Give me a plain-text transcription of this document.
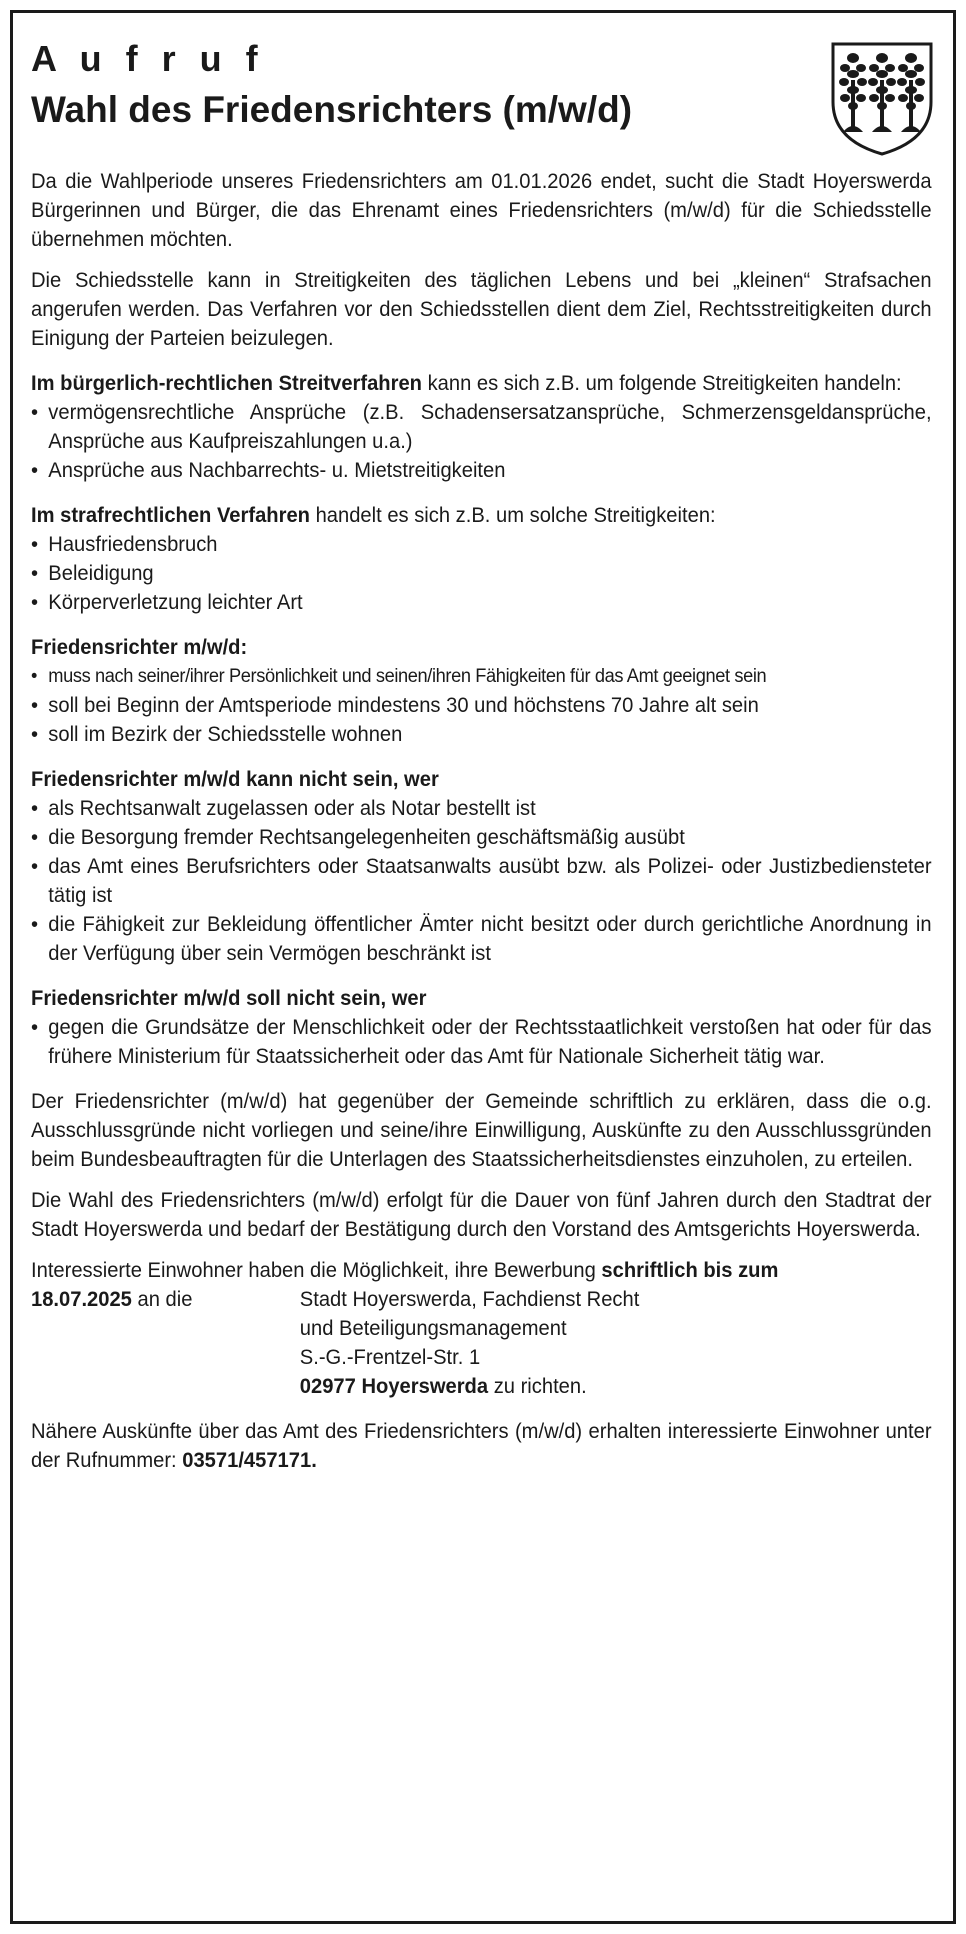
A u f r u f
Wahl des Friedensrichters (m/w/d)

Da die Wahlperiode unseres Friedensrichters am 01.01.2026 endet, sucht die Stadt Hoyerswerda Bürgerinnen und Bürger, die das Ehrenamt eines Friedensrichters (m/w/d) für die Schiedsstelle übernehmen möchten.

Die Schiedsstelle kann in Streitigkeiten des täglichen Lebens und bei „kleinen“ Strafsachen angerufen werden. Das Verfahren vor den Schiedsstellen dient dem Ziel, Rechtsstreitigkeiten durch Einigung der Parteien beizulegen.

Im bürgerlich-rechtlichen Streitverfahren kann es sich z.B. um folgende Streitigkeiten handeln:

• vermögensrechtliche Ansprüche (z.B. Schadensersatzansprüche, Schmerzensgeldansprüche, Ansprüche aus Kaufpreiszahlungen u.a.)
• Ansprüche aus Nachbarrechts- u. Mietstreitigkeiten

Im strafrechtlichen Verfahren handelt es sich z.B. um solche Streitigkeiten:

• Hausfriedensbruch
• Beleidigung
• Körperverletzung leichter Art
Friedensrichter m/w/d:
• muss nach seiner/ihrer Persönlichkeit und seinen/ihren Fähigkeiten für das Amt geeignet sein
• soll bei Beginn der Amtsperiode mindestens 30 und höchstens 70 Jahre alt sein
• soll im Bezirk der Schiedsstelle wohnen
Friedensrichter m/w/d kann nicht sein, wer
• als Rechtsanwalt zugelassen oder als Notar bestellt ist
• die Besorgung fremder Rechtsangelegenheiten geschäftsmäßig ausübt
• das Amt eines Berufsrichters oder Staatsanwalts ausübt bzw. als Polizei- oder Justizbediensteter tätig ist
• die Fähigkeit zur Bekleidung öffentlicher Ämter nicht besitzt oder durch gerichtliche Anordnung in der Verfügung über sein Vermögen beschränkt ist
Friedensrichter m/w/d soll nicht sein, wer
• gegen die Grundsätze der Menschlichkeit oder der Rechtsstaatlichkeit verstoßen hat oder für das frühere Ministerium für Staatssicherheit oder das Amt für Nationale Sicherheit tätig war.

Der Friedensrichter (m/w/d) hat gegenüber der Gemeinde schriftlich zu erklären, dass die o.g. Ausschlussgründe nicht vorliegen und seine/ihre Einwilligung, Auskünfte zu den Ausschlussgründen beim Bundesbeauftragten für die Unterlagen des Staatssicherheitsdienstes einzuholen, zu erteilen.

Die Wahl des Friedensrichters (m/w/d) erfolgt für die Dauer von fünf Jahren durch den Stadtrat der Stadt Hoyerswerda und bedarf der Bestätigung durch den Vorstand des Amtsgerichts Hoyerswerda.

Interessierte Einwohner haben die Möglichkeit, ihre Bewerbung schriftlich bis zum

18.07.2025 an die	Stadt Hoyerswerda, Fachdienst Recht
und Beteiligungsmanagement
S.-G.-Frentzel-Str. 1
02977 Hoyerswerda zu richten.

Nähere Auskünfte über das Amt des Friedensrichters (m/w/d) erhalten interessierte Einwohner unter der Rufnummer: 03571/457171.
